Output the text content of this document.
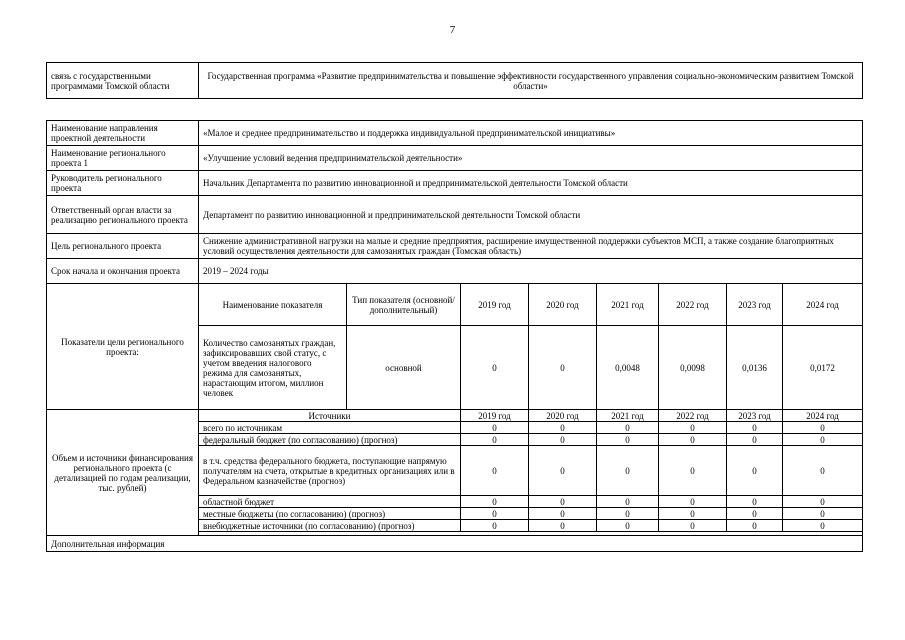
7
связь с государственными программами Томской области	Государственная программа «Развитие предпринимательства и повышение эффективности государственного управления социально-экономическим развитием Томской области»
Наименование направления проектной деятельности	«Малое и среднее предпринимательство и поддержка индивидуальной предпринимательской инициативы»							
Наименование регионального проекта 1	«Улучшение условий ведения предпринимательской деятельности»							
Руководитель регионального проекта	Начальник Департамента по развитию инновационной и предпринимательской деятельности Томской области							
Ответственный орган власти за реализацию регионального проекта	Департамент по развитию инновационной и предпринимательской деятельности Томской области							
Цель регионального проекта	Снижение административной нагрузки на малые и средние предприятия, расширение имущественной поддержки субъектов МСП, а также создание благоприятных условий осуществления деятельности для самозанятых граждан (Томская область)							
Срок начала и окончания проекта	2019 – 2024 годы							
Показатели цели регионального проекта:	Наименование показателя	Тип показателя (основной/ дополнительный)	2019 год	2020 год	2021 год	2022 год	2023 год	2024 год
	Количество самозанятых граждан, зафиксировавших свой статус, с учетом введения налогового режима для самозанятых, нарастающим итогом, миллион человек	основной	0	0	0,0048	0,0098	0,0136	0,0172
Объем и источники финансирования регионального проекта (с детализацией по годам реализации, тыс. рублей)	Источники		2019 год	2020 год	2021 год	2022 год	2023 год	2024 год
	всего по источникам		0	0	0	0	0	0
	федеральный бюджет (по согласованию) (прогноз)		0	0	0	0	0	0
	в т.ч. средства федерального бюджета, поступающие напрямую получателям на счета, открытые в кредитных организациях или в Федеральном казначействе (прогноз)		0	0	0	0	0	0
	областной бюджет		0	0	0	0	0	0
	местные бюджеты (по согласованию) (прогноз)		0	0	0	0	0	0
	внебюджетные источники (по согласованию) (прогноз)		0	0	0	0	0	0

Дополнительная информация								
